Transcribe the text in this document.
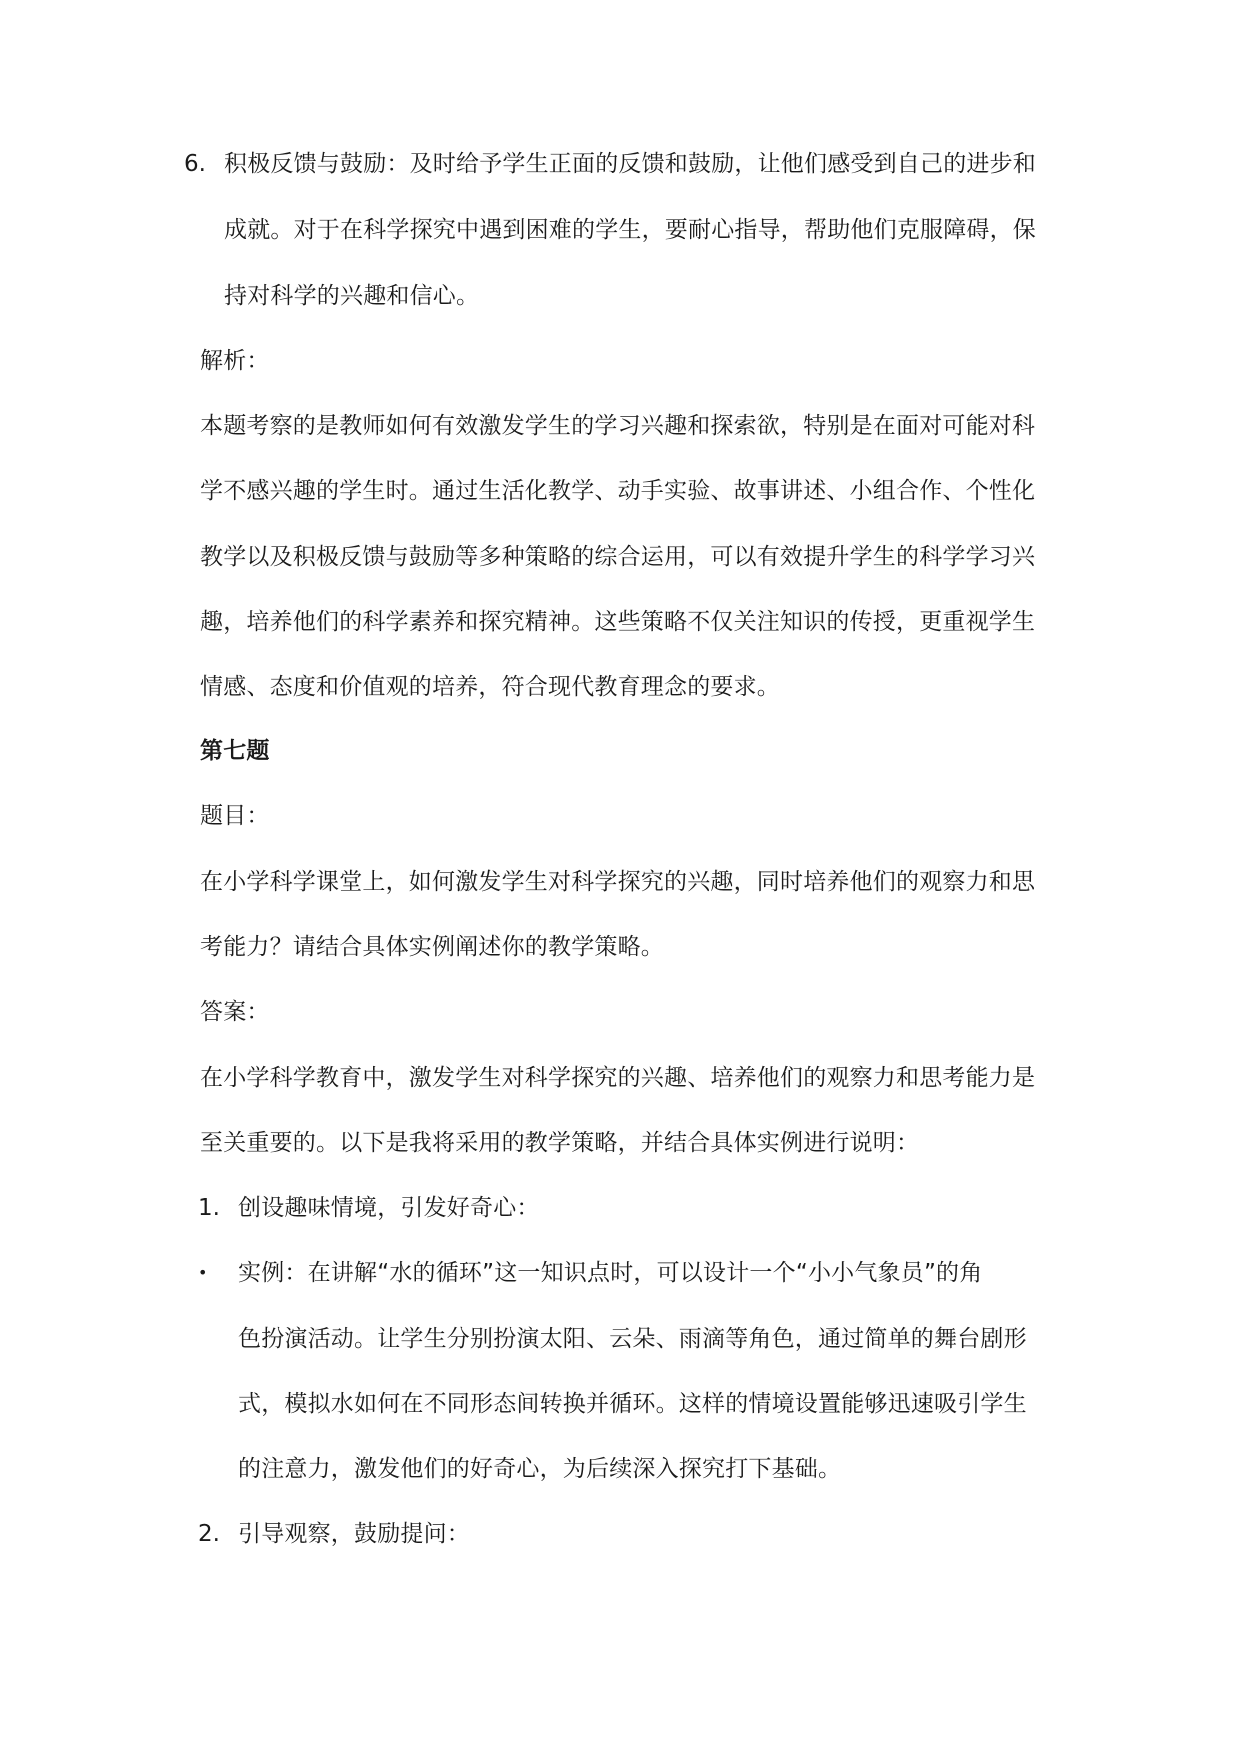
6. 积极反馈与鼓励：及时给予学生正面的反馈和鼓励，让他们感受到自己的进步和
成就。对于在科学探究中遇到困难的学生，要耐心指导，帮助他们克服障碍，保
持对科学的兴趣和信心。
解析：
本题考察的是教师如何有效激发学生的学习兴趣和探索欲，特别是在面对可能对科
学不感兴趣的学生时。通过生活化教学、动手实验、故事讲述、小组合作、个性化
教学以及积极反馈与鼓励等多种策略的综合运用，可以有效提升学生的科学学习兴
趣，培养他们的科学素养和探究精神。这些策略不仅关注知识的传授，更重视学生
情感、态度和价值观的培养，符合现代教育理念的要求。
第七题
题目：
在小学科学课堂上，如何激发学生对科学探究的兴趣，同时培养他们的观察力和思
考能力？请结合具体实例阐述你的教学策略。
答案：
在小学科学教育中，激发学生对科学探究的兴趣、培养他们的观察力和思考能力是
至关重要的。以下是我将采用的教学策略，并结合具体实例进行说明：
1. 创设趣味情境，引发好奇心：
• 实例：在讲解“水的循环”这一知识点时，可以设计一个“小小气象员”的角
色扮演活动。让学生分别扮演太阳、云朵、雨滴等角色，通过简单的舞台剧形
式，模拟水如何在不同形态间转换并循环。这样的情境设置能够迅速吸引学生
的注意力，激发他们的好奇心，为后续深入探究打下基础。
2. 引导观察，鼓励提问：
